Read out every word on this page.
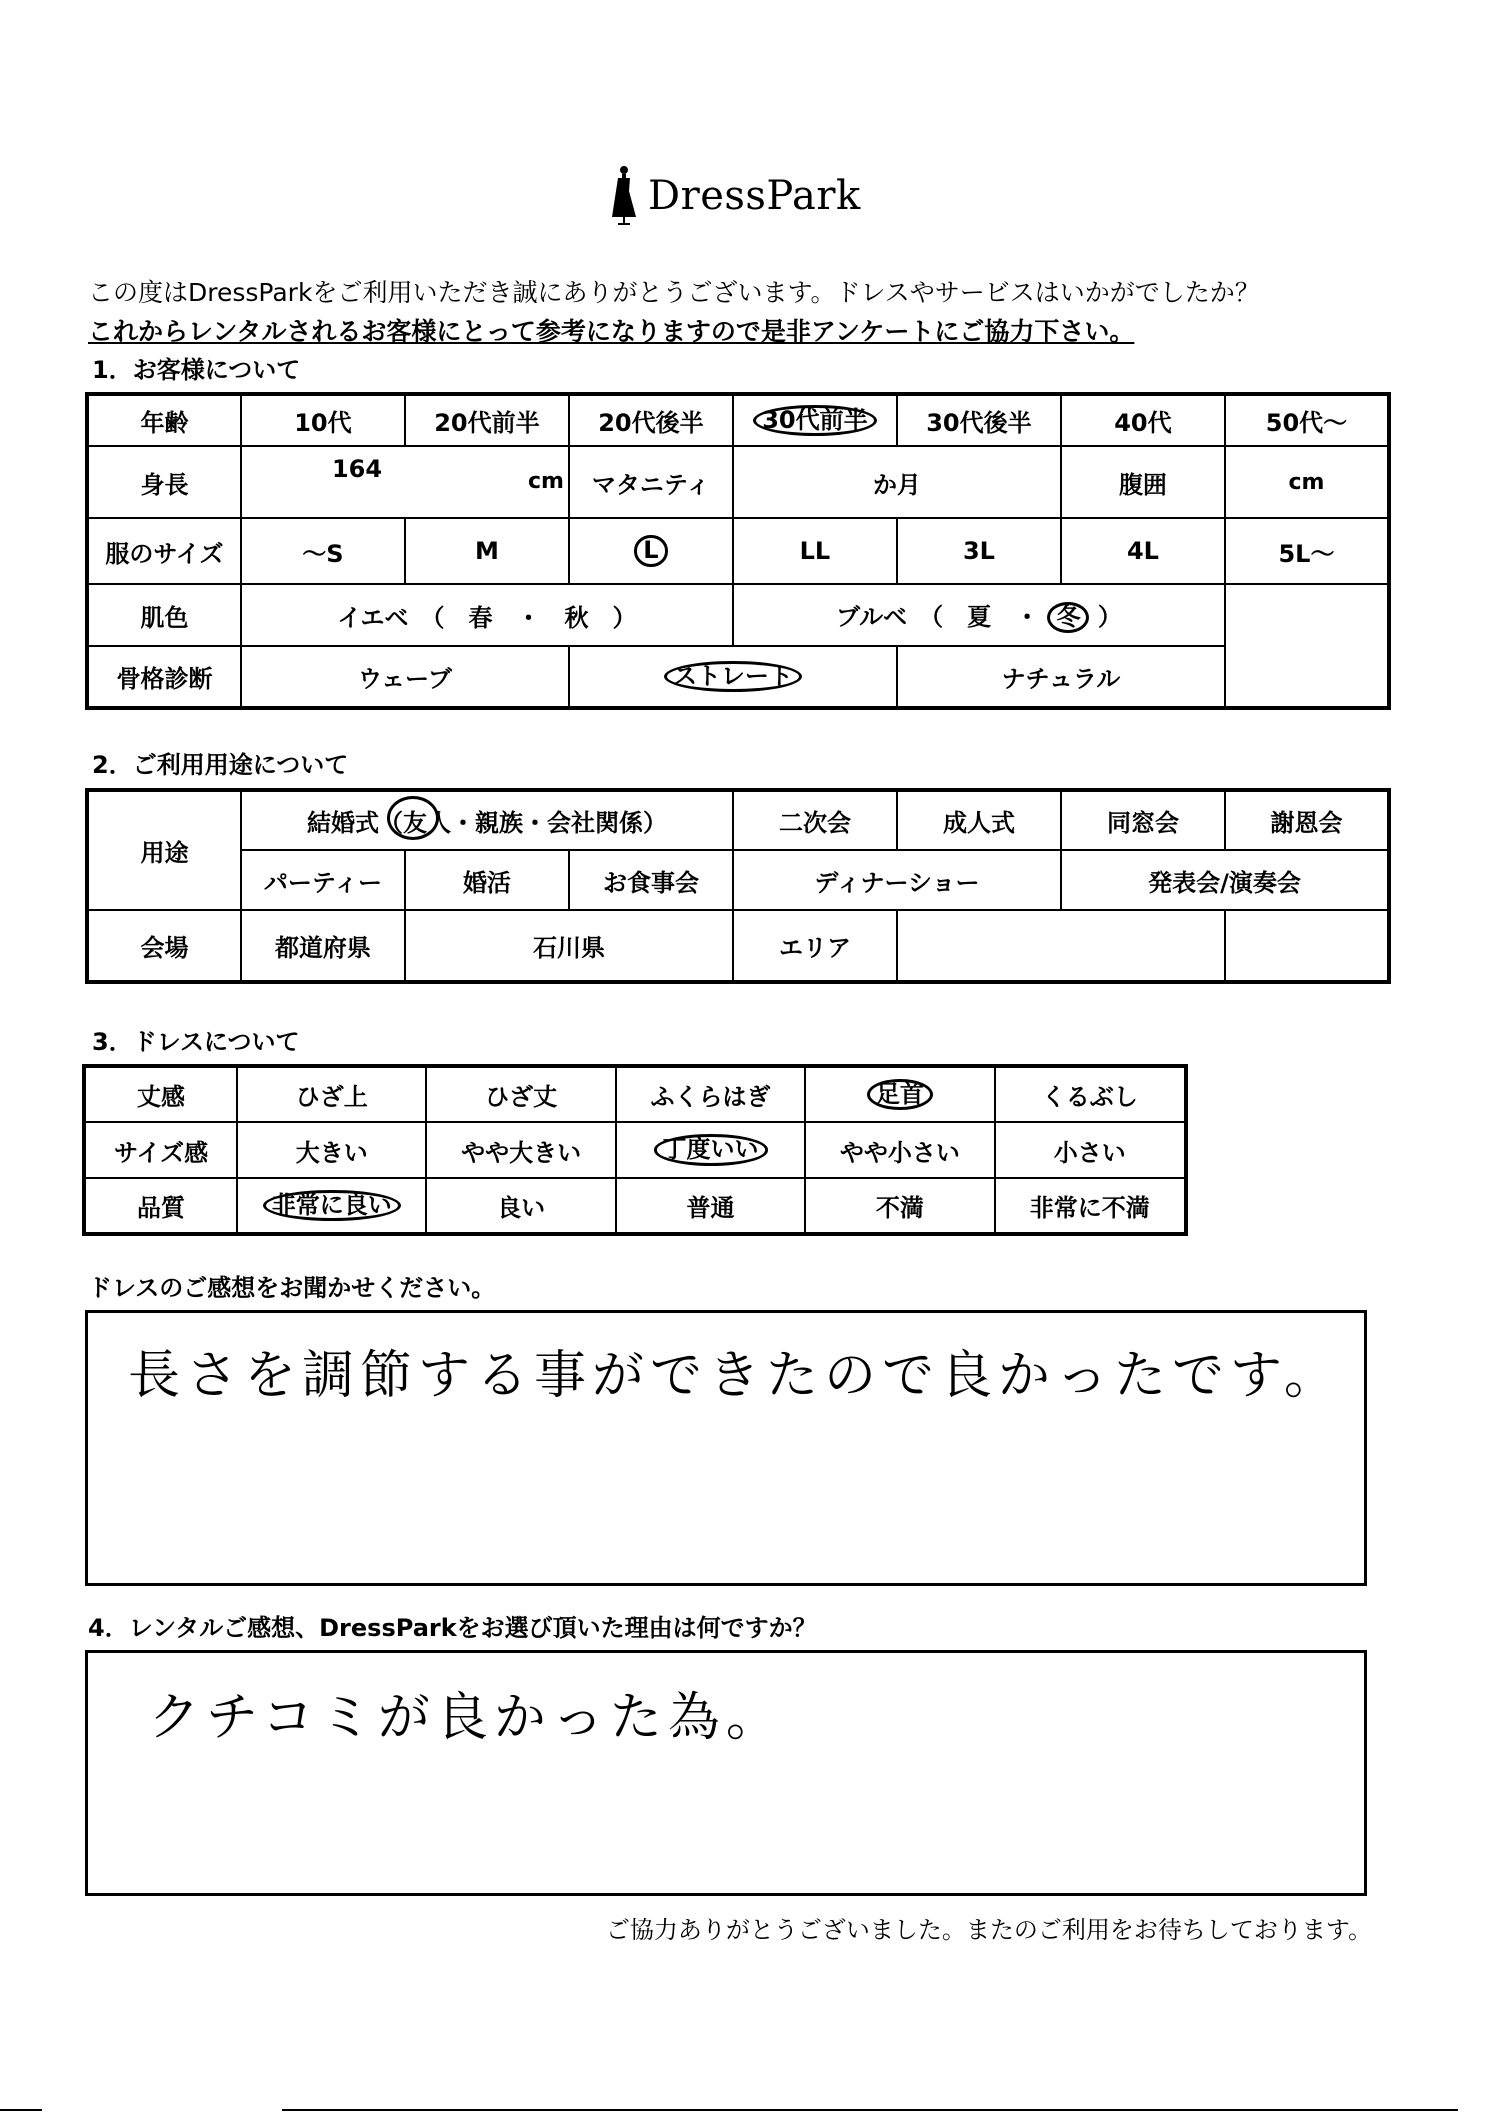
DressPark
この度はDressParkをご利用いただき誠にありがとうございます。ドレスやサービスはいかがでしたか？
これからレンタルされるお客様にとって参考になりますので是非アンケートにご協力下さい。
1．お客様について
年齢	10代	20代前半	20代後半	30代前半	30代後半	40代	50代～
身長	164 cm		マタニティ	か月		腹囲	cm
服のサイズ	～S	M	L	LL	3L	4L	5L～
肌色	イエベ　（　春　・　秋　）			ブルベ　（　夏　・ 冬 ）			
骨格診断	ウェーブ		ストレート		ナチュラル		
2．ご利用用途について
用途	結婚式（友人・親族・会社関係）			二次会	成人式	同窓会	謝恩会
	パーティー	婚活	お食事会	ディナーショー		発表会/演奏会	
会場	都道府県	石川県		エリア			
3．ドレスについて
丈感	ひざ上	ひざ丈	ふくらはぎ	足首	くるぶし
サイズ感	大きい	やや大きい	丁度いい	やや小さい	小さい
品質	非常に良い	良い	普通	不満	非常に不満
ドレスのご感想をお聞かせください。
長さを調節する事ができたので良かったです。
4．レンタルご感想、DressParkをお選び頂いた理由は何ですか？
クチコミが良かった為。
ご協力ありがとうございました。またのご利用をお待ちしております。
